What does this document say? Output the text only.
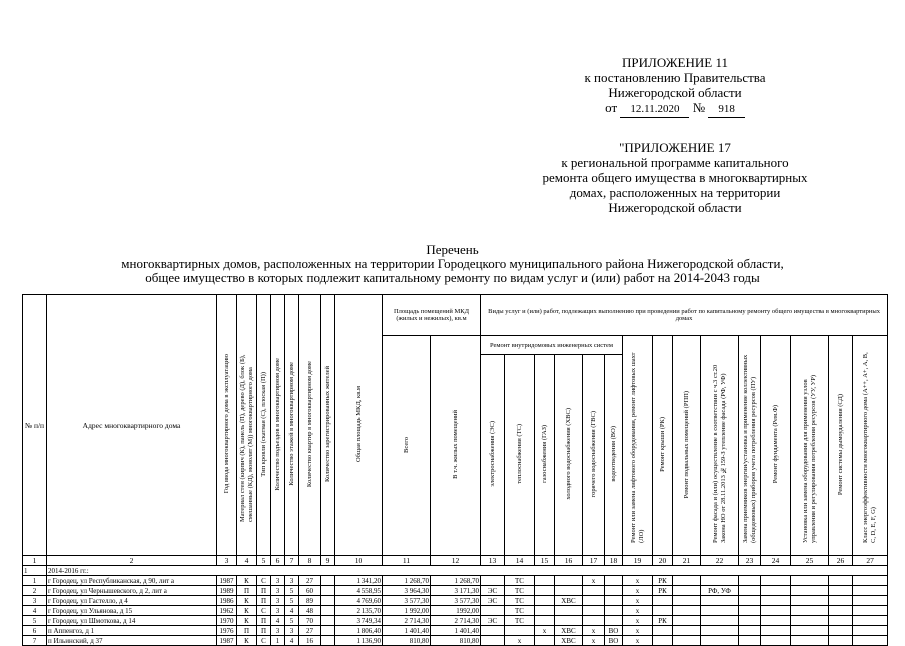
ПРИЛОЖЕНИЕ 11
к постановлению Правительства
Нижегородской области
от 12.11.2020 № 918
"ПРИЛОЖЕНИЕ 17
к региональной программе капитального
ремонта общего имущества в многоквартирных
домах, расположенных на территории
Нижегородской области
Перечень
многоквартирных домов, расположенных на территории Городецкого муниципального района Нижегородской области,
общее имущество в которых подлежит капитальному ремонту по видам услуг и (или) работ на 2014-2043 годы
№ п/п	Адрес многоквартирного дома	Год ввода многоквартирного дома в эксплуатацию	Материал стен (кирпич (К), панель (П), дерево (Д), блок (Б), смешанные (КД), монолит (М)) многоквартирного дома	Тип кровли (скатная (С), плоская (П))	Количество подъездов в многоквартирном доме	Количество этажей в многоквартирном доме	Количество квартир в многоквартирном доме	Количество зарегистрированных жителей	Общая площадь МКД, кв.м	Площадь помещений МКД (жилых и нежилых), кв.м		Виды услуг и (или) работ, подлежащих выполнению при проведении работ по капитальному ремонту общего имущества в многоквартирных домах														
										Всего	В т.ч. жилых помещений	Ремонт внутридомовых инженерных систем						Ремонт или замена лифтового оборудования, ремонт лифтовых шахт (ЛО)	Ремонт крыши (РК)	Ремонт подвальных помещений (РПП)	Ремонт фасада и (или) осуществление в соответствии с ч.3 ст.20 Закона НО от 28.11.2013 №159-З утепление фасада (РФ, УФ)	Замена приемников энергии/установка и применение коллективных (общедомовых) приборов учета потребления ресурсов (ПУ)	Ремонт фундамента (Рем.Ф)	Установка или замена оборудования для применения узлов управления и регулирования потребления ресурсов (УУ, УР)	Ремонт системы дымоудаления (СД)	Класс энергоэффективности многоквартирного дома (А++, А+, А, В, С, D, E, F, G)
												электроснабжения (ЭС)	теплоснабжения (ТС)	газоснабжения (ГАЗ)	холодного водоснабжения (ХВС)	горячего водоснабжения (ГВС)	водоотведения (ВО)									
1	2	3	4	5	6	7	8	9	10	11	12	13	14	15	16	17	18	19	20	21	22	23	24	25	26	27
1	2014-2016 гг.:																									
1	г Городец, ул Республиканская, д 90, лит а	1987	К	С	3	3	27		1 341,20	1 268,70	1 268,70		ТС			х		х	РК							
2	г Городец, ул Чернышевского, д 2, лит а	1989	П	П	3	5	60		4 558,95	3 964,30	3 171,30	ЭС	ТС					х	РК		РФ, УФ					
3	г Городец, ул Гастелло, д 4	1986	К	П	3	5	89		4 769,60	3 577,30	3 577,30	ЭС	ТС		ХВС			х								
4	г Городец, ул Ульянова, д 15	1962	К	С	3	4	48		2 135,70	1 992,00	1992,00		ТС					х								
5	г Городец, ул Шмоткова, д 14	1970	К	П	4	5	70		3 749,34	2 714,30	2 714,30	ЭС	ТС					х	РК							
6	п Аппенгоз, д 1	1976	П	П	3	3	27		1 806,40	1 401,40	1 401,40			х	ХВС	х	ВО	х								
7	п Ильинский, д 37	1987	К	С	1	4	16		1 136,90	810,80	810,80		х		ХВС	х	ВО	х								
